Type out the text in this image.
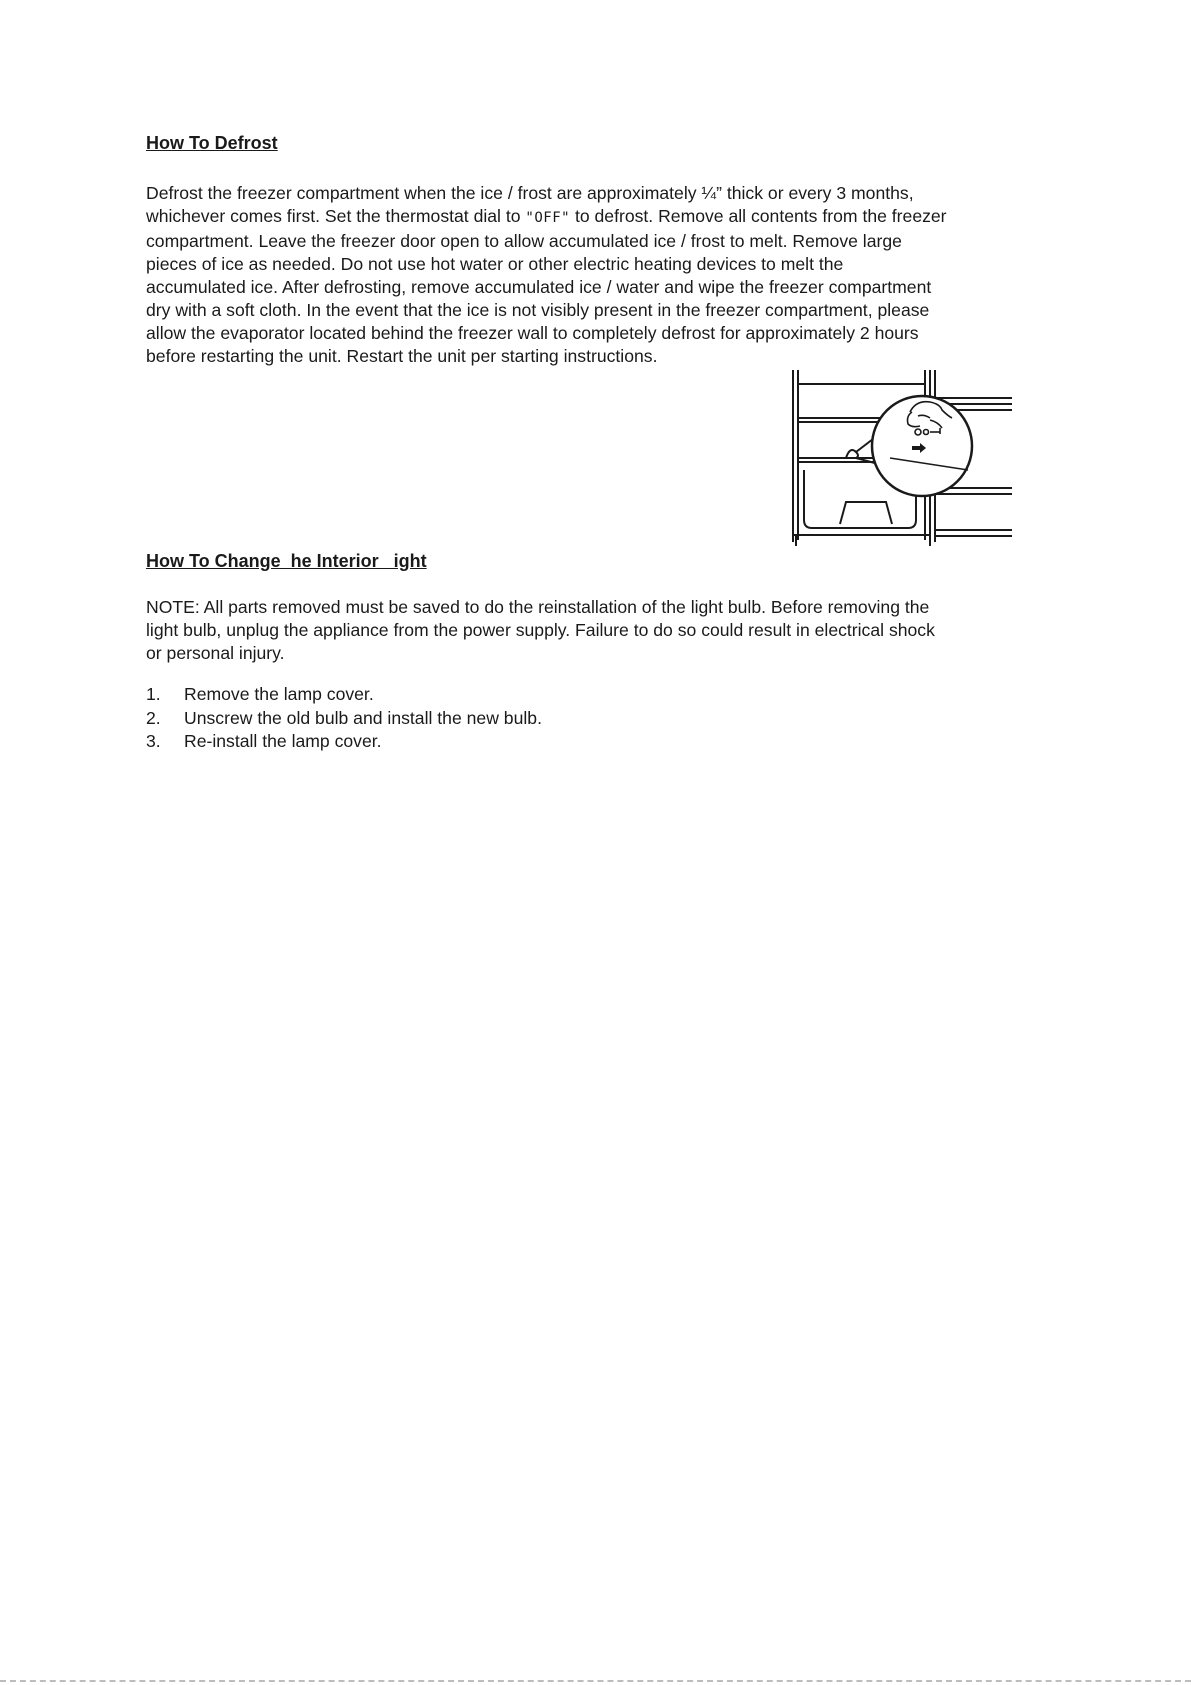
How To Defrost

Defrost the freezer compartment when the ice / frost are approximately ¼” thick or every 3 months,
whichever comes first. Set the thermostat dial to "OFF" to defrost. Remove all contents from the freezer
compartment. Leave the freezer door open to allow accumulated ice / frost to melt. Remove large
pieces of ice as needed. Do not use hot water or other electric heating devices to melt the
accumulated ice. After defrosting, remove accumulated ice / water and wipe the freezer compartment
dry with a soft cloth. In the event that the ice is not visibly present in the freezer compartment, please
allow the evaporator located behind the freezer wall to completely defrost for approximately 2 hours
before restarting the unit. Restart the unit per starting instructions.

How To Change  he Interior   ight

NOTE: All parts removed must be saved to do the reinstallation of the light bulb. Before removing the
light bulb, unplug the appliance from the power supply. Failure to do so could result in electrical shock
or personal injury.

1.	Remove the lamp cover.
2.	Unscrew the old bulb and install the new bulb.
3.	Re-install the lamp cover.
